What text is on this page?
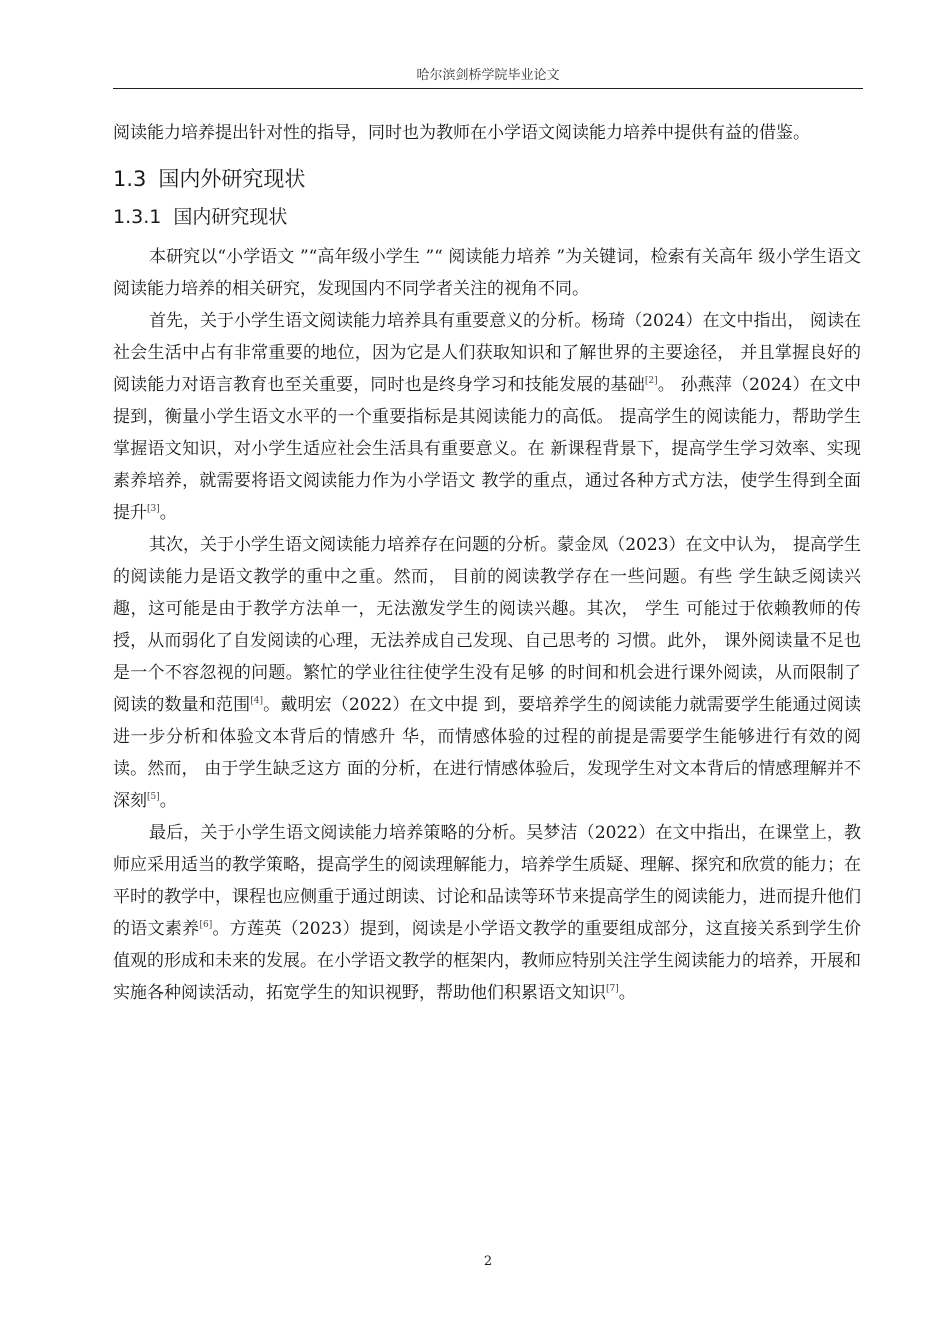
哈尔滨剑桥学院毕业论文

阅读能力培养提出针对性的指导，同时也为教师在小学语文阅读能力培养中提供有益的借鉴。

1.3 国内外研究现状
1.3.1 国内研究现状

本研究以“小学语文 ”“高年级小学生 ”“ 阅读能力培养 ”为关键词，检索有关高年 级小学生语文阅读能力培养的相关研究，发现国内不同学者关注的视角不同。

首先，关于小学生语文阅读能力培养具有重要意义的分析。杨琦（2024）在文中指出， 阅读在社会生活中占有非常重要的地位，因为它是人们获取知识和了解世界的主要途径， 并且掌握良好的阅读能力对语言教育也至关重要，同时也是终身学习和技能发展的基础[2]。 孙燕萍（2024）在文中提到，衡量小学生语文水平的一个重要指标是其阅读能力的高低。 提高学生的阅读能力，帮助学生掌握语文知识，对小学生适应社会生活具有重要意义。在 新课程背景下，提高学生学习效率、实现素养培养，就需要将语文阅读能力作为小学语文 教学的重点，通过各种方式方法，使学生得到全面提升[3]。

其次，关于小学生语文阅读能力培养存在问题的分析。蒙金凤（2023）在文中认为， 提高学生的阅读能力是语文教学的重中之重。然而， 目前的阅读教学存在一些问题。有些 学生缺乏阅读兴趣，这可能是由于教学方法单一，无法激发学生的阅读兴趣。其次， 学生 可能过于依赖教师的传授，从而弱化了自发阅读的心理，无法养成自己发现、自己思考的 习惯。此外， 课外阅读量不足也是一个不容忽视的问题。繁忙的学业往往使学生没有足够 的时间和机会进行课外阅读，从而限制了阅读的数量和范围[4]。戴明宏（2022）在文中提 到，要培养学生的阅读能力就需要学生能通过阅读进一步分析和体验文本背后的情感升 华，而情感体验的过程的前提是需要学生能够进行有效的阅读。然而， 由于学生缺乏这方 面的分析，在进行情感体验后，发现学生对文本背后的情感理解并不深刻[5]。

最后，关于小学生语文阅读能力培养策略的分析。吴梦洁（2022）在文中指出，在课堂上，教师应采用适当的教学策略，提高学生的阅读理解能力，培养学生质疑、理解、探究和欣赏的能力；在平时的教学中，课程也应侧重于通过朗读、讨论和品读等环节来提高学生的阅读能力，进而提升他们的语文素养[6]。方莲英（2023）提到，阅读是小学语文教学的重要组成部分，这直接关系到学生价值观的形成和未来的发展。在小学语文教学的框架内，教师应特别关注学生阅读能力的培养，开展和实施各种阅读活动，拓宽学生的知识视野，帮助他们积累语文知识[7]。

2
